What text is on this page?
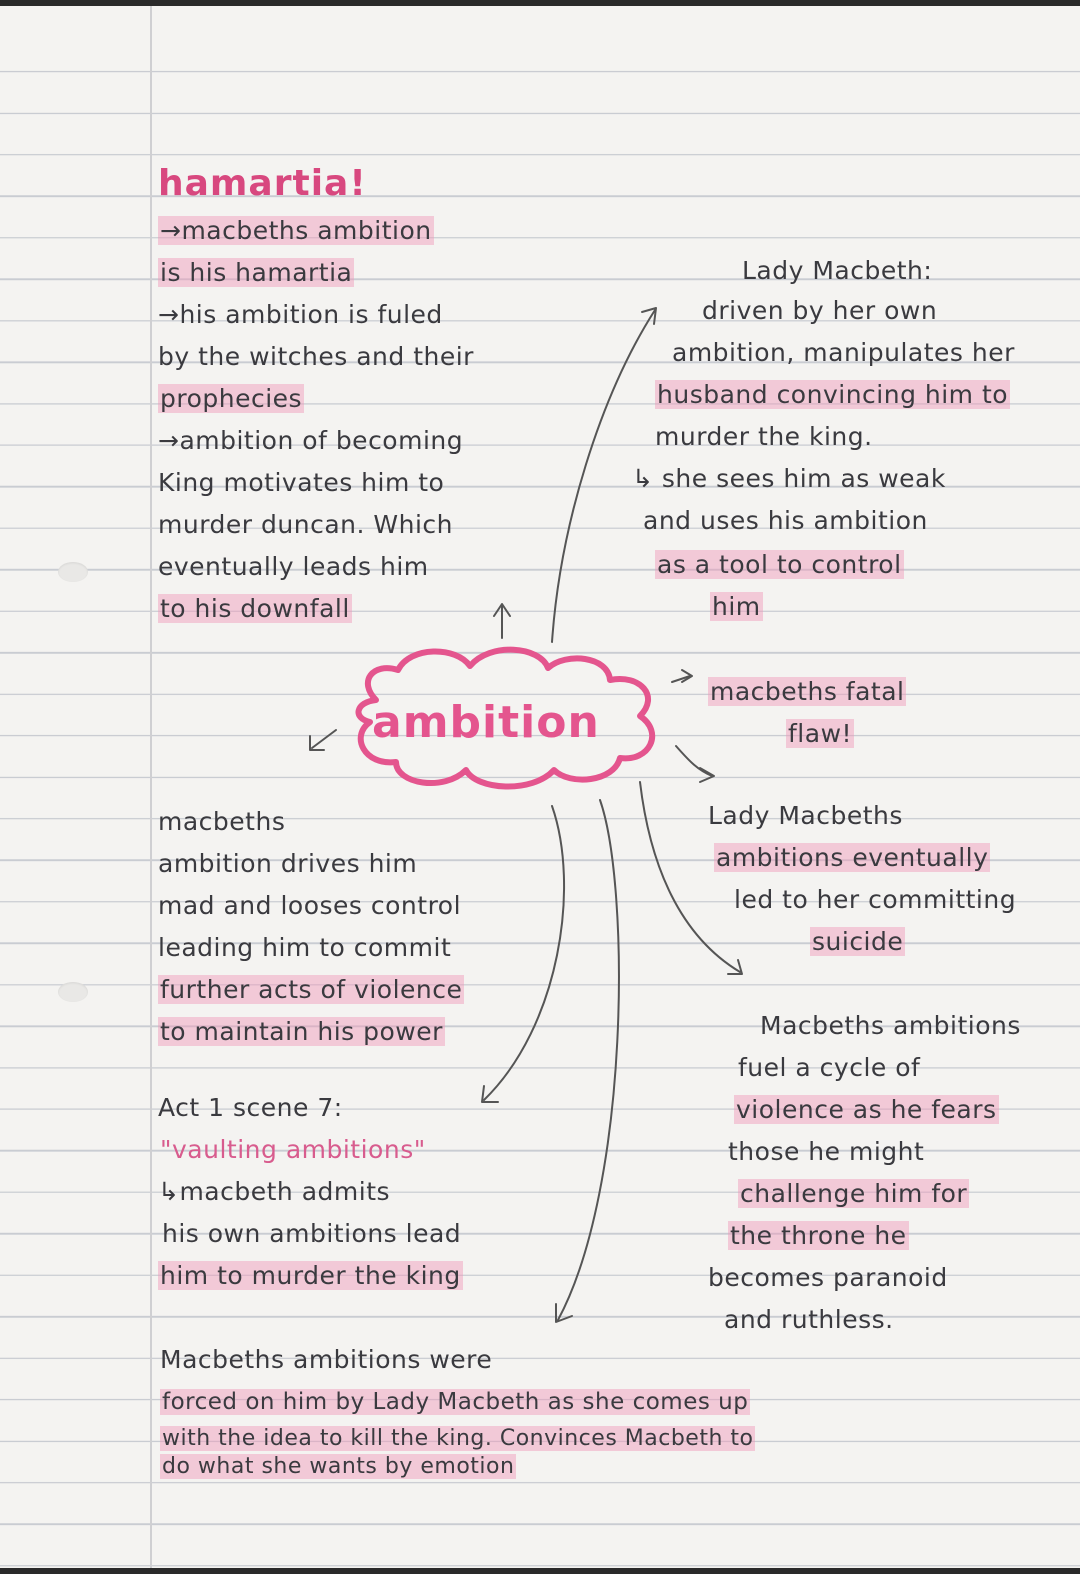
hamartia!

→macbeths ambition

is his hamartia

→his ambition is fuled

by the witches and their

prophecies

→ambition of becoming

King motivates him to

murder duncan. Which

eventually leads him

to his downfall

Lady Macbeth:

driven by her own

ambition, manipulates her

husband convincing him to

murder the king.

↳ she sees him as weak

and uses his ambition

as a tool to control

him

ambition

macbeths fatal

flaw!

Lady Macbeths

ambitions eventually

led to her committing

suicide

macbeths

ambition drives him

mad and looses control

leading him to commit

further acts of violence

to maintain his power

Act 1 scene 7:

"vaulting ambitions"

↳macbeth admits

his own ambitions lead

him to murder the king

Macbeths ambitions

fuel a cycle of

violence as he fears

those he might

challenge him for

the throne he

becomes paranoid

and ruthless.

Macbeths ambitions were

forced on him by Lady Macbeth as she comes up

with the idea to kill the king. Convinces Macbeth to

do what she wants by emotion
